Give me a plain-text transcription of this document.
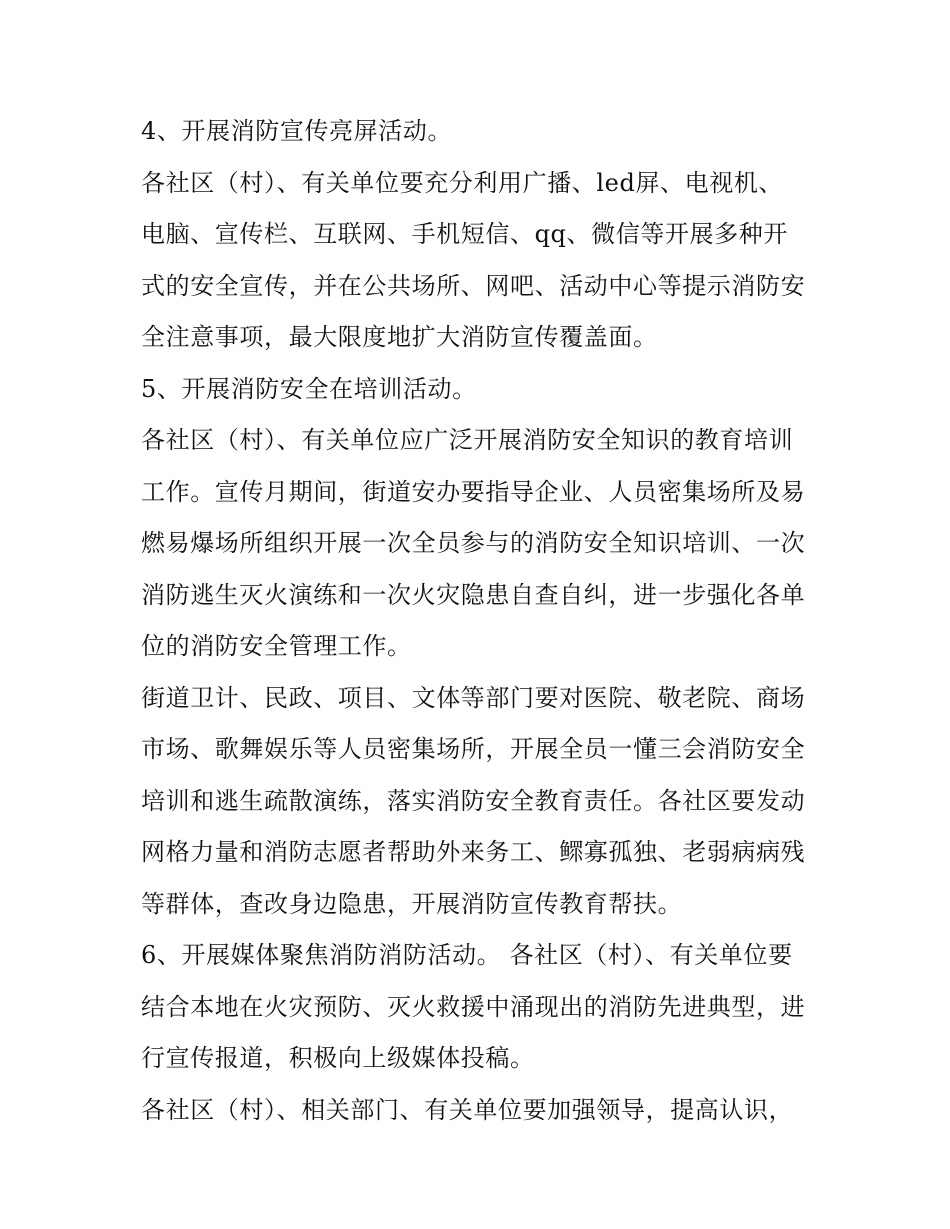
4、开展消防宣传亮屏活动。
各社区（村）、有关单位要充分利用广播、led屏、电视机、
电脑、宣传栏、互联网、手机短信、qq、微信等开展多种开
式的安全宣传，并在公共场所、网吧、活动中心等提示消防安
全注意事项，最大限度地扩大消防宣传覆盖面。
5、开展消防安全在培训活动。
各社区（村）、有关单位应广泛开展消防安全知识的教育培训
工作。宣传月期间，街道安办要指导企业、人员密集场所及易
燃易爆场所组织开展一次全员参与的消防安全知识培训、一次
消防逃生灭火演练和一次火灾隐患自查自纠，进一步强化各单
位的消防安全管理工作。
街道卫计、民政、项目、文体等部门要对医院、敬老院、商场
市场、歌舞娱乐等人员密集场所，开展全员一懂三会消防安全
培训和逃生疏散演练，落实消防安全教育责任。各社区要发动
网格力量和消防志愿者帮助外来务工、鳏寡孤独、老弱病病残
等群体，查改身边隐患，开展消防宣传教育帮扶。
6、开展媒体聚焦消防消防活动。 各社区（村）、有关单位要
结合本地在火灾预防、灭火救援中涌现出的消防先进典型，进
行宣传报道，积极向上级媒体投稿。
各社区（村）、相关部门、有关单位要加强领导，提高认识，
